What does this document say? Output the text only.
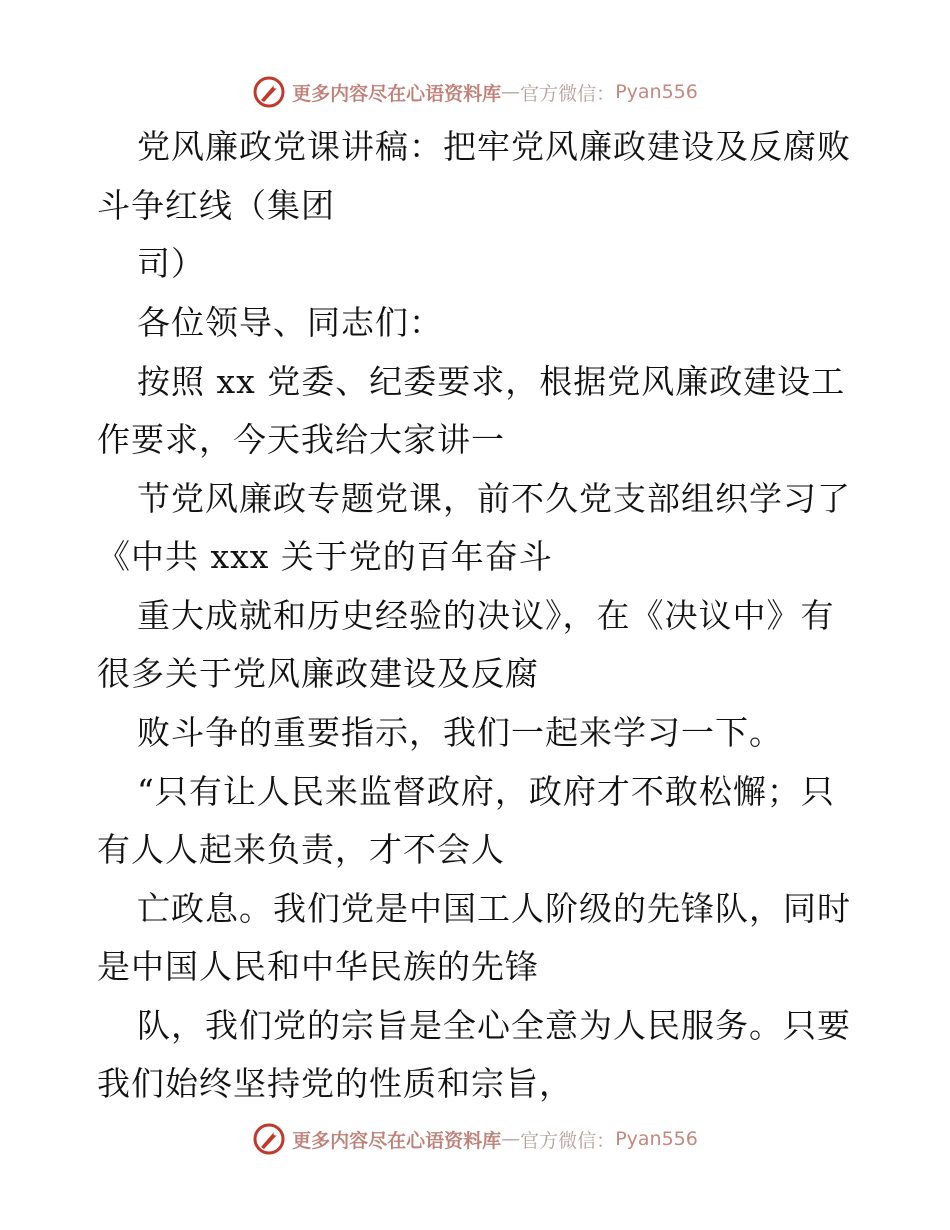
更多内容尽在心语资料库 — 官方微信： Pyan556
党风廉政党课讲稿：把牢党风廉政建设及反腐败
斗争红线（集团
司）
各位领导、同志们：
按照 xx 党委、纪委要求，根据党风廉政建设工
作要求，今天我给大家讲一
节党风廉政专题党课，前不久党支部组织学习了
《中共 xxx 关于党的百年奋斗
重大成就和历史经验的决议》，在《决议中》有
很多关于党风廉政建设及反腐
败斗争的重要指示，我们一起来学习一下。
“只有让人民来监督政府，政府才不敢松懈；只
有人人起来负责，才不会人
亡政息。我们党是中国工人阶级的先锋队，同时
是中国人民和中华民族的先锋
队，我们党的宗旨是全心全意为人民服务。只要
我们始终坚持党的性质和宗旨，
更多内容尽在心语资料库 — 官方微信： Pyan556
